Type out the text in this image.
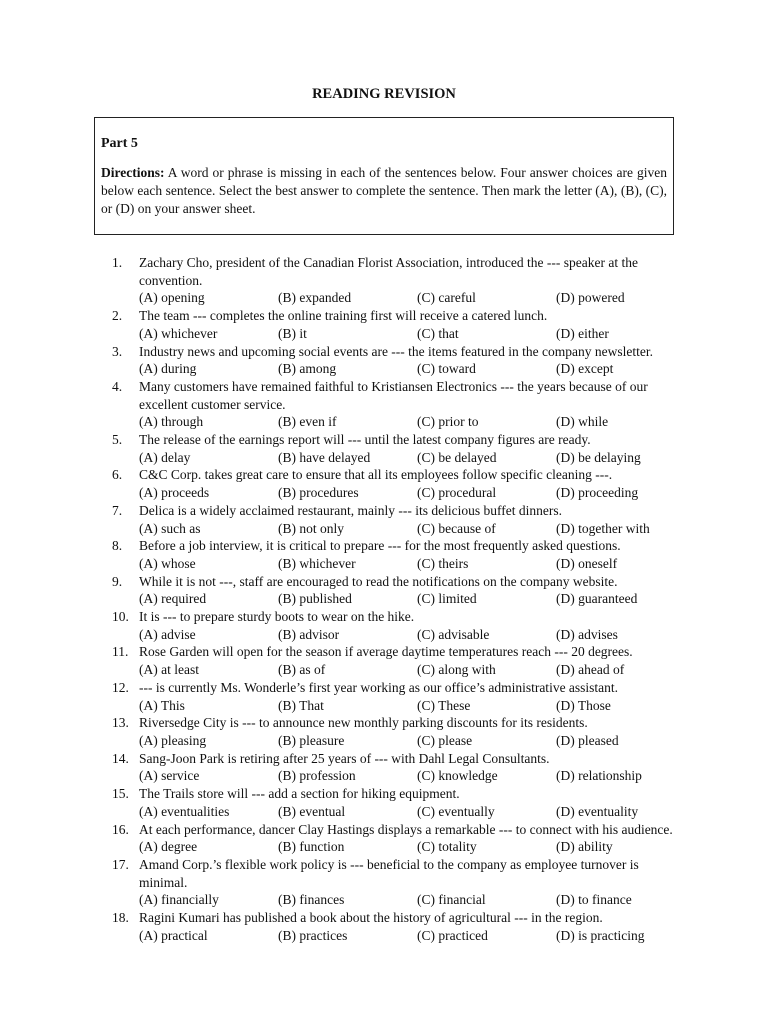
READING REVISION
Part 5
Directions: A word or phrase is missing in each of the sentences below. Four answer choices are given below each sentence. Select the best answer to complete the sentence. Then mark the letter (A), (B), (C), or (D) on your answer sheet.
1.	Zachary Cho, president of the Canadian Florist Association, introduced the --- speaker at the convention.
(A) opening	(B) expanded	(C) careful	(D) powered
2.	The team --- completes the online training first will receive a catered lunch.
(A) whichever	(B) it	(C) that	(D) either
3.	Industry news and upcoming social events are --- the items featured in the company newsletter.
(A) during	(B) among	(C) toward	(D) except
4.	Many customers have remained faithful to Kristiansen Electronics --- the years because of our excellent customer service.
(A) through	(B) even if	(C) prior to	(D) while
5.	The release of the earnings report will --- until the latest company figures are ready.
(A) delay	(B) have delayed	(C) be delayed	(D) be delaying
6.	C&C Corp. takes great care to ensure that all its employees follow specific cleaning ---.
(A) proceeds	(B) procedures	(C) procedural	(D) proceeding
7.	Delica is a widely acclaimed restaurant, mainly --- its delicious buffet dinners.
(A) such as	(B) not only	(C) because of	(D) together with
8.	Before a job interview, it is critical to prepare --- for the most frequently asked questions.
(A) whose	(B) whichever	(C) theirs	(D) oneself
9.	While it is not ---, staff are encouraged to read the notifications on the company website.
(A) required	(B) published	(C) limited	(D) guaranteed
10. It is --- to prepare sturdy boots to wear on the hike.
(A) advise	(B) advisor	(C) advisable	(D) advises
11. Rose Garden will open for the season if average daytime temperatures reach --- 20 degrees.
(A) at least	(B) as of	(C) along with	(D) ahead of
12. --- is currently Ms. Wonderle’s first year working as our office’s administrative assistant.
(A) This	(B) That	(C) These	(D) Those
13. Riversedge City is --- to announce new monthly parking discounts for its residents.
(A) pleasing	(B) pleasure	(C) please	(D) pleased
14. Sang-Joon Park is retiring after 25 years of --- with Dahl Legal Consultants.
(A) service	(B) profession	(C) knowledge	(D) relationship
15. The Trails store will --- add a section for hiking equipment.
(A) eventualities	(B) eventual	(C) eventually	(D) eventuality
16. At each performance, dancer Clay Hastings displays a remarkable --- to connect with his audience.
(A) degree	(B) function	(C) totality	(D) ability
17. Amand Corp.’s flexible work policy is --- beneficial to the company as employee turnover is minimal.
(A) financially	(B) finances	(C) financial	(D) to finance
18. Ragini Kumari has published a book about the history of agricultural --- in the region.
(A) practical	(B) practices	(C) practiced	(D) is practicing
